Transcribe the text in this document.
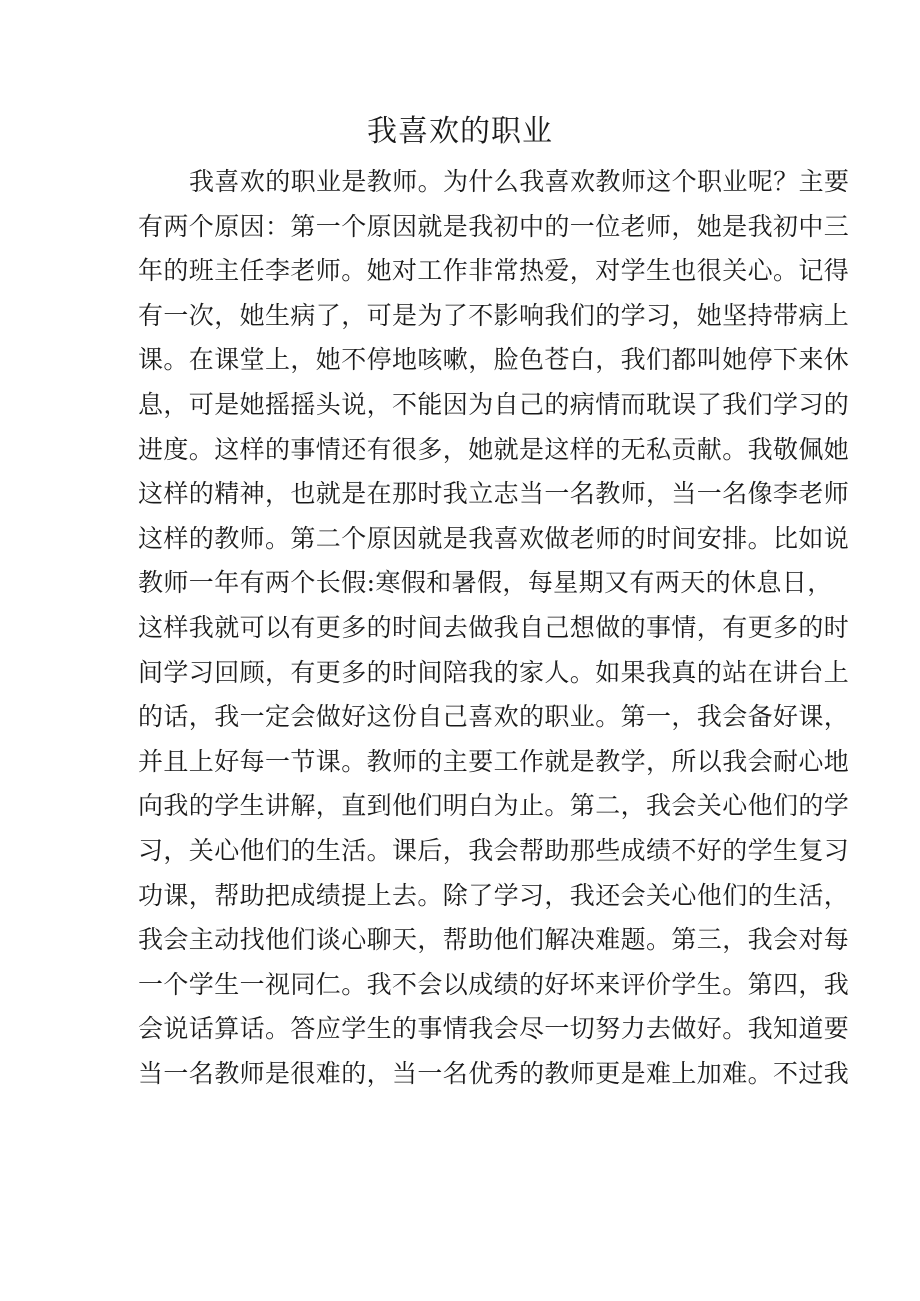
我喜欢的职业
我喜欢的职业是教师。为什么我喜欢教师这个职业呢？主要
有两个原因：第一个原因就是我初中的一位老师，她是我初中三
年的班主任李老师。她对工作非常热爱，对学生也很关心。记得
有一次，她生病了，可是为了不影响我们的学习，她坚持带病上
课。在课堂上，她不停地咳嗽，脸色苍白，我们都叫她停下来休
息，可是她摇摇头说，不能因为自己的病情而耽误了我们学习的
进度。这样的事情还有很多，她就是这样的无私贡献。我敬佩她
这样的精神，也就是在那时我立志当一名教师，当一名像李老师
这样的教师。第二个原因就是我喜欢做老师的时间安排。比如说
教师一年有两个长假:寒假和暑假，每星期又有两天的休息日，
这样我就可以有更多的时间去做我自己想做的事情，有更多的时
间学习回顾，有更多的时间陪我的家人。如果我真的站在讲台上
的话，我一定会做好这份自己喜欢的职业。第一，我会备好课，
并且上好每一节课。教师的主要工作就是教学，所以我会耐心地
向我的学生讲解，直到他们明白为止。第二，我会关心他们的学
习，关心他们的生活。课后，我会帮助那些成绩不好的学生复习
功课，帮助把成绩提上去。除了学习，我还会关心他们的生活，
我会主动找他们谈心聊天，帮助他们解决难题。第三，我会对每
一个学生一视同仁。我不会以成绩的好坏来评价学生。第四，我
会说话算话。答应学生的事情我会尽一切努力去做好。我知道要
当一名教师是很难的，当一名优秀的教师更是难上加难。不过我
